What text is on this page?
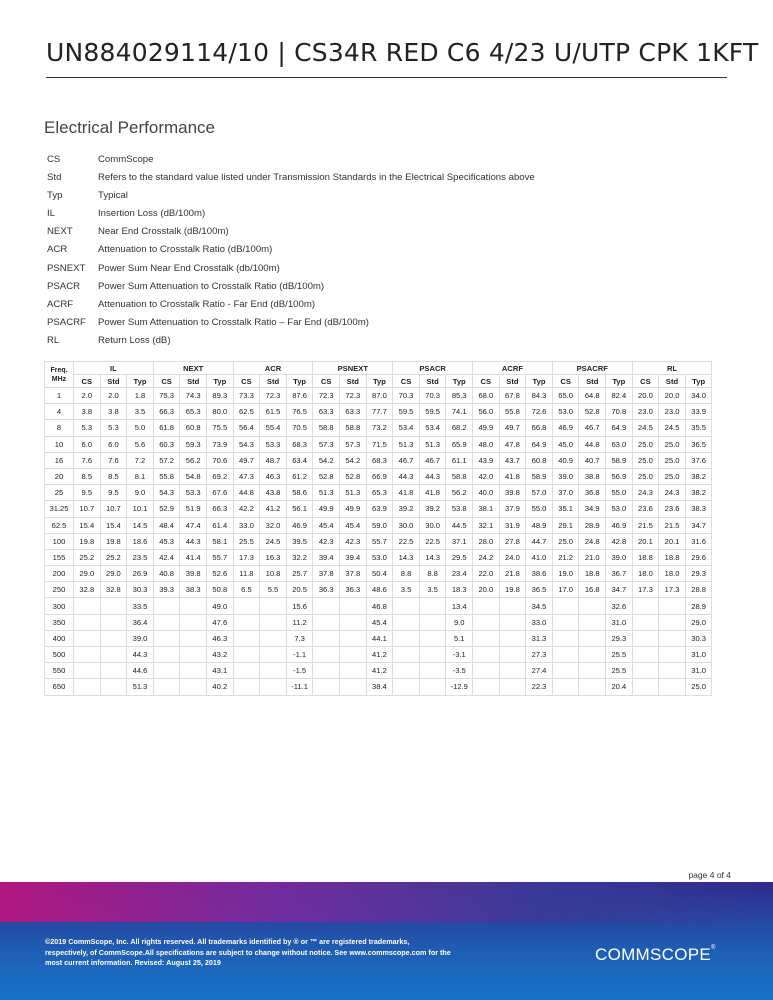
UN884029114/10 | CS34R RED C6 4/23 U/UTP CPK 1KFT
Electrical Performance
CS	CommScope
Std	Refers to the standard value listed under Transmission Standards in the Electrical Specifications above
Typ	Typical
IL	Insertion Loss (dB/100m)
NEXT	Near End Crosstalk (dB/100m)
ACR	Attenuation to Crosstalk Ratio (dB/100m)
PSNEXT Power Sum Near End Crosstalk (db/100m)
PSACR Power Sum Attenuation to Crosstalk Ratio (dB/100m)
ACRF	Attenuation to Crosstalk Ratio - Far End (dB/100m)
PSACRF Power Sum Attenuation to Crosstalk Ratio – Far End (dB/100m)
RL	Return Loss (dB)
Freq. MHz	IL			NEXT			ACR			PSNEXT			PSACR			ACRF			PSACRF			RL		
	CS	Std	Typ	CS	Std	Typ	CS	Std	Typ	CS	Std	Typ	CS	Std	Typ	CS	Std	Typ	CS	Std	Typ	CS	Std	Typ
1	2.0	2.0	1.8	75.3	74.3	89.3	73.3	72.3	87.6	72.3	72.3	87.0	70.3	70.3	85.3	68.0	67.8	84.3	65.0	64.8	82.4	20.0	20.0	34.0
4	3.8	3.8	3.5	66.3	65.3	80.0	62.5	61.5	76.5	63.3	63.3	77.7	59.5	59.5	74.1	56.0	55.8	72.6	53.0	52.8	70.8	23.0	23.0	33.9
8	5.3	5.3	5.0	61.8	60.8	75.5	56.4	55.4	70.5	58.8	58.8	73.2	53.4	53.4	68.2	49.9	49.7	66.8	46.9	46.7	64.9	24.5	24.5	35.5
10	6.0	6.0	5.6	60.3	59.3	73.9	54.3	53.3	68.3	57.3	57.3	71.5	51.3	51.3	65.9	48.0	47.8	64.9	45.0	44.8	63.0	25.0	25.0	36.5
16	7.6	7.6	7.2	57.2	56.2	70.6	49.7	48.7	63.4	54.2	54.2	68.3	46.7	46.7	61.1	43.9	43.7	60.8	40.9	40.7	58.9	25.0	25.0	37.6
20	8.5	8.5	8.1	55.8	54.8	69.2	47.3	46.3	61.2	52.8	52.8	66.9	44.3	44.3	58.8	42.0	41.8	58.9	39.0	38.8	56.9	25.0	25.0	38.2
25	9.5	9.5	9.0	54.3	53.3	67.6	44.8	43.8	58.6	51.3	51.3	65.3	41.8	41.8	56.2	40.0	39.8	57.0	37.0	36.8	55.0	24.3	24.3	38.2
31.25	10.7	10.7	10.1	52.9	51.9	66.3	42.2	41.2	56.1	49.9	49.9	63.9	39.2	39.2	53.8	38.1	37.9	55.0	35.1	34.9	53.0	23.6	23.6	38.3
62.5	15.4	15.4	14.5	48.4	47.4	61.4	33.0	32.0	46.9	45.4	45.4	59.0	30.0	30.0	44.5	32.1	31.9	48.9	29.1	28.9	46.9	21.5	21.5	34.7
100	19.8	19.8	18.6	45.3	44.3	58.1	25.5	24.5	39.5	42.3	42.3	55.7	22.5	22.5	37.1	28.0	27.8	44.7	25.0	24.8	42.8	20.1	20.1	31.6
155	25.2	25.2	23.5	42.4	41.4	55.7	17.3	16.3	32.2	39.4	39.4	53.0	14.3	14.3	29.5	24.2	24.0	41.0	21.2	21.0	39.0	18.8	18.8	29.6
200	29.0	29.0	26.9	40.8	39.8	52.6	11.8	10.8	25.7	37.8	37.8	50.4	8.8	8.8	23.4	22.0	21.8	38.6	19.0	18.8	36.7	18.0	18.0	29.3
250	32.8	32.8	30.3	39.3	38.3	50.8	6.5	5.5	20.5	36.3	36.3	48.6	3.5	3.5	18.3	20.0	19.8	36.5	17.0	16.8	34.7	17.3	17.3	28.8
300			33.5			49.0			15.6			46.8			13.4			34.5			32.6			28.9
350			36.4			47.6			11.2			45.4			9.0			33.0			31.0			29.0
400			39.0			46.3			7.3			44.1			5.1			31.3			29.3			30.3
500			44.3			43.2			-1.1			41.2			-3.1			27.3			25.5			31.0
550			44.6			43.1			-1.5			41.2			-3.5			27.4			25.5			31.0
650			51.3			40.2			-11.1			38.4			-12.9			22.3			20.4			25.0
page 4 of 4
©2019 CommScope, Inc. All rights reserved. All trademarks identified by ® or ™ are registered trademarks,
respectively, of CommScope.All specifications are subject to change without notice. See www.commscope.com for the
most current information. Revised: August 25, 2019	COMMSCOPE®
